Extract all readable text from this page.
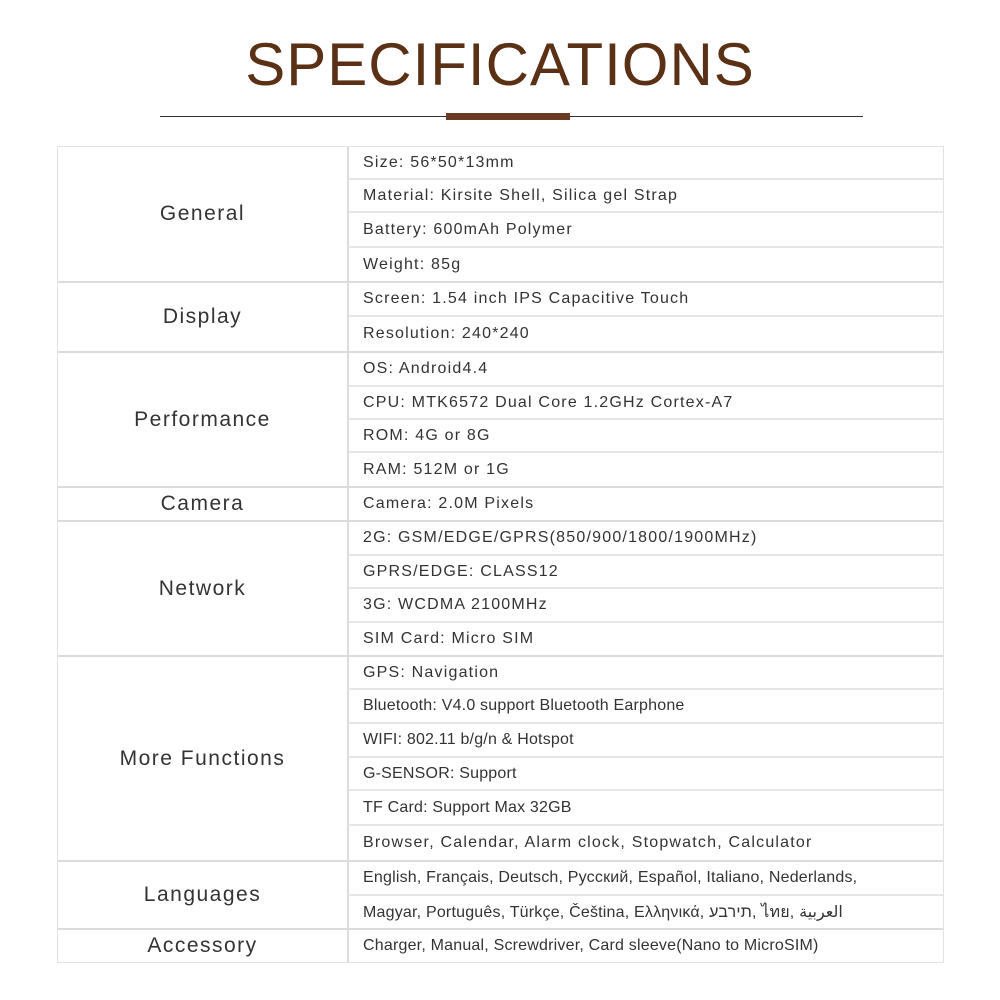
SPECIFICATIONS
General
Size: 56*50*13mm
Material: Kirsite Shell, Silica gel Strap
Battery: 600mAh Polymer
Weight: 85g
Display
Screen: 1.54 inch IPS Capacitive Touch
Resolution: 240*240
Performance
OS: Android4.4
CPU: MTK6572 Dual Core 1.2GHz Cortex-A7
ROM: 4G or 8G
RAM: 512M or 1G
Camera	Camera: 2.0M Pixels
Network
2G: GSM/EDGE/GPRS(850/900/1800/1900MHz)
GPRS/EDGE: CLASS12
3G: WCDMA 2100MHz
SIM Card: Micro SIM
More Functions
GPS: Navigation
Bluetooth: V4.0 support Bluetooth Earphone
WIFI: 802.11 b/g/n & Hotspot
G-SENSOR: Support
TF Card: Support Max 32GB
Browser, Calendar, Alarm clock, Stopwatch, Calculator
Languages
English, Français, Deutsch, Русский, Español, Italiano, Nederlands,
Magyar, Português, Türkçe, Čeština, Ελληνικά, תירבע, ไทย, العربية
Accessory	Charger, Manual, Screwdriver, Card sleeve(Nano to MicroSIM)
